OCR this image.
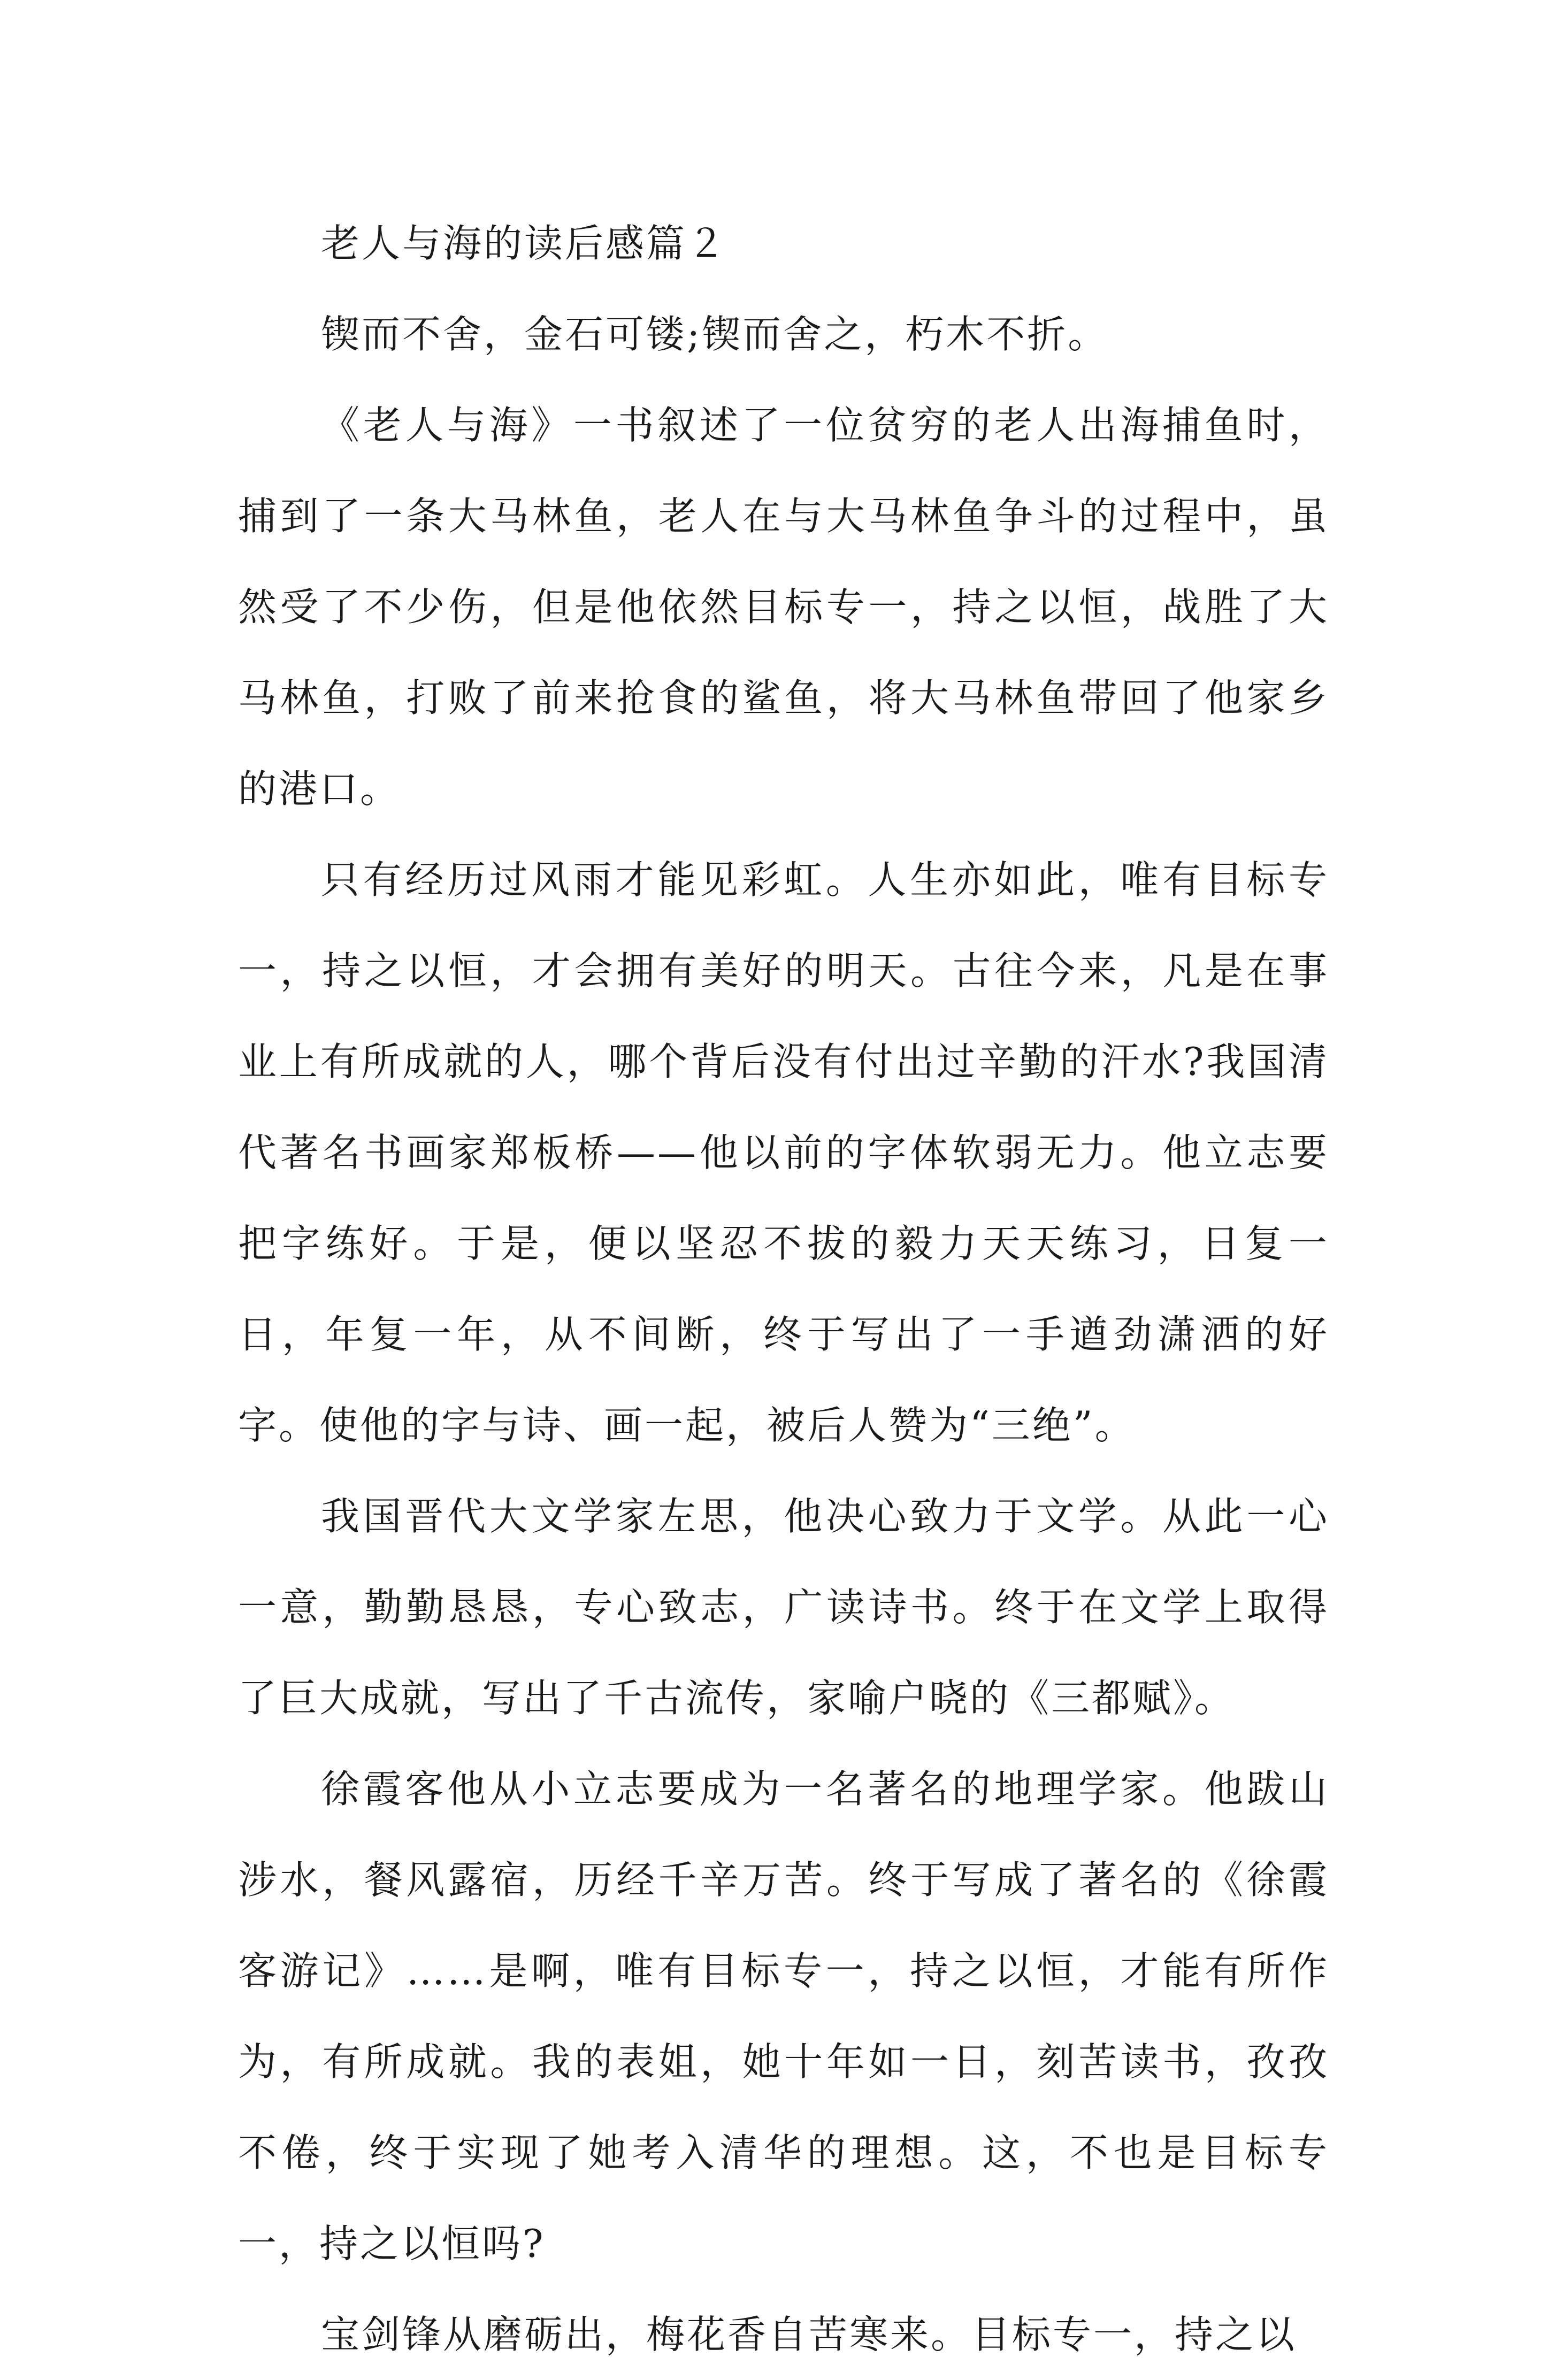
老人与海的读后感篇２

锲而不舍，金石可镂;锲而舍之，朽木不折。

《老人与海》一书叙述了一位贫穷的老人出海捕鱼时，捕到了一条大马林鱼，老人在与大马林鱼争斗的过程中，虽然受了不少伤，但是他依然目标专一，持之以恒，战胜了大马林鱼，打败了前来抢食的鲨鱼，将大马林鱼带回了他家乡的港口。

只有经历过风雨才能见彩虹。人生亦如此，唯有目标专一，持之以恒，才会拥有美好的明天。古往今来，凡是在事业上有所成就的人，哪个背后没有付出过辛勤的汗水?我国清代著名书画家郑板桥——他以前的字体软弱无力。他立志要把字练好。于是，便以坚忍不拔的毅力天天练习，日复一日，年复一年，从不间断，终于写出了一手遒劲潇洒的好字。使他的字与诗、画一起，被后人赞为“三绝”。

我国晋代大文学家左思，他决心致力于文学。从此一心一意，勤勤恳恳，专心致志，广读诗书。终于在文学上取得了巨大成就，写出了千古流传，家喻户晓的《三都赋》。

徐霞客他从小立志要成为一名著名的地理学家。他跋山涉水，餐风露宿，历经千辛万苦。终于写成了著名的《徐霞客游记》……是啊，唯有目标专一，持之以恒，才能有所作为，有所成就。我的表姐，她十年如一日，刻苦读书，孜孜不倦，终于实现了她考入清华的理想。这，不也是目标专一，持之以恒吗?

宝剑锋从磨砺出，梅花香自苦寒来。目标专一，持之以
